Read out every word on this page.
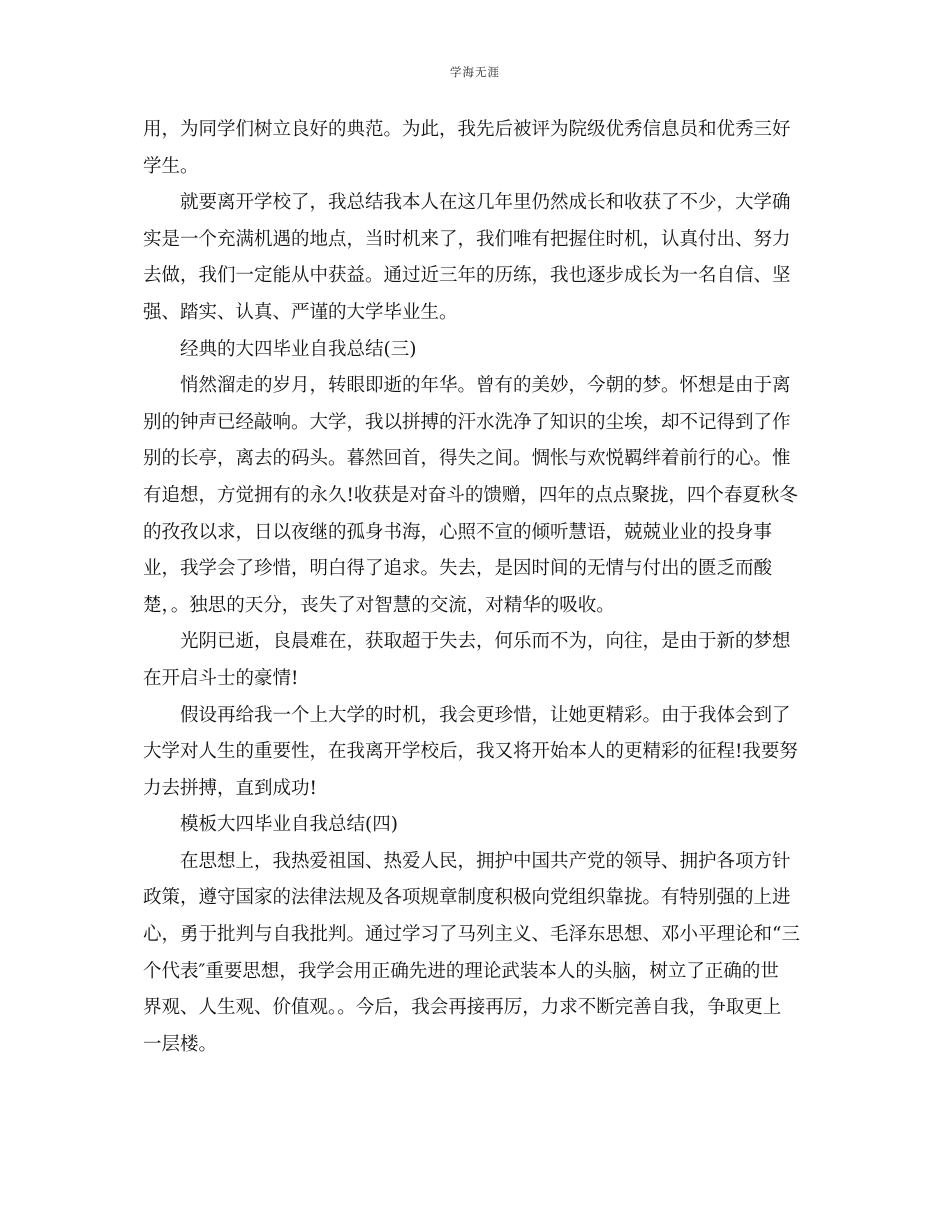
学海无涯
用，为同学们树立良好的典范。为此，我先后被评为院级优秀信息员和优秀三好
学生。
就要离开学校了，我总结我本人在这几年里仍然成长和收获了不少，大学确
实是一个充满机遇的地点，当时机来了，我们唯有把握住时机，认真付出、努力
去做，我们一定能从中获益。通过近三年的历练，我也逐步成长为一名自信、坚
强、踏实、认真、严谨的大学毕业生。
经典的大四毕业自我总结(三)
悄然溜走的岁月，转眼即逝的年华。曾有的美妙，今朝的梦。怀想是由于离
别的钟声已经敲响。大学，我以拼搏的汗水洗净了知识的尘埃，却不记得到了作
别的长亭，离去的码头。暮然回首，得失之间。惆怅与欢悦羁绊着前行的心。惟
有追想，方觉拥有的永久!收获是对奋斗的馈赠，四年的点点聚拢，四个春夏秋冬
的孜孜以求，日以夜继的孤身书海，心照不宣的倾听慧语，兢兢业业的投身事
业，我学会了珍惜，明白得了追求。失去，是因时间的无情与付出的匮乏而酸
楚，。独思的天分，丧失了对智慧的交流，对精华的吸收。
光阴已逝，良晨难在，获取超于失去，何乐而不为，向往，是由于新的梦想
在开启斗士的豪情!
假设再给我一个上大学的时机，我会更珍惜，让她更精彩。由于我体会到了
大学对人生的重要性，在我离开学校后，我又将开始本人的更精彩的征程!我要努
力去拼搏，直到成功!
模板大四毕业自我总结(四)
在思想上，我热爱祖国、热爱人民，拥护中国共产党的领导、拥护各项方针
政策，遵守国家的法律法规及各项规章制度积极向党组织靠拢。有特别强的上进
心，勇于批判与自我批判。通过学习了马列主义、毛泽东思想、邓小平理论和“三
个代表″重要思想，我学会用正确先进的理论武装本人的头脑，树立了正确的世
界观、人生观、价值观。。今后，我会再接再厉，力求不断完善自我，争取更上
一层楼。
